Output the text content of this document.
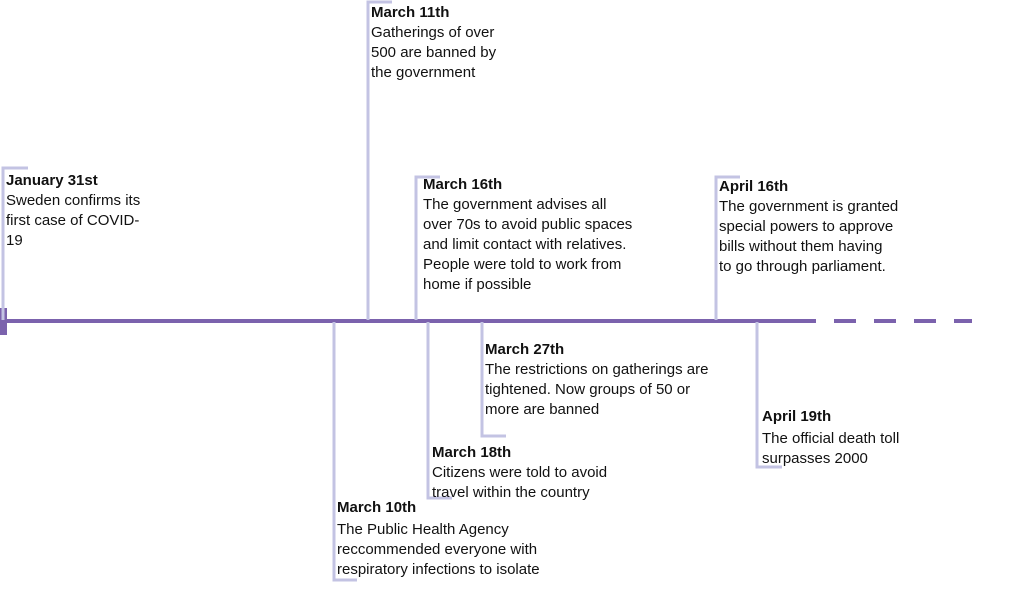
January 31st
Sweden confirms its first case of COVID-19
March 10th
The Public Health Agency reccommended everyone with respiratory infections to isolate
March 11th
Gatherings of over 500 are banned by the government
March 16th
The government advises all over 70s to avoid public spaces and limit contact with relatives. People were told to work from home if possible
March 18th
Citizens were told to avoid travel within the country
March 27th
The restrictions on gatherings are tightened. Now groups of 50 or more are banned
April 16th
The government is granted special powers to approve bills without them having to go through parliament.
April 19th
The official death toll surpasses 2000
